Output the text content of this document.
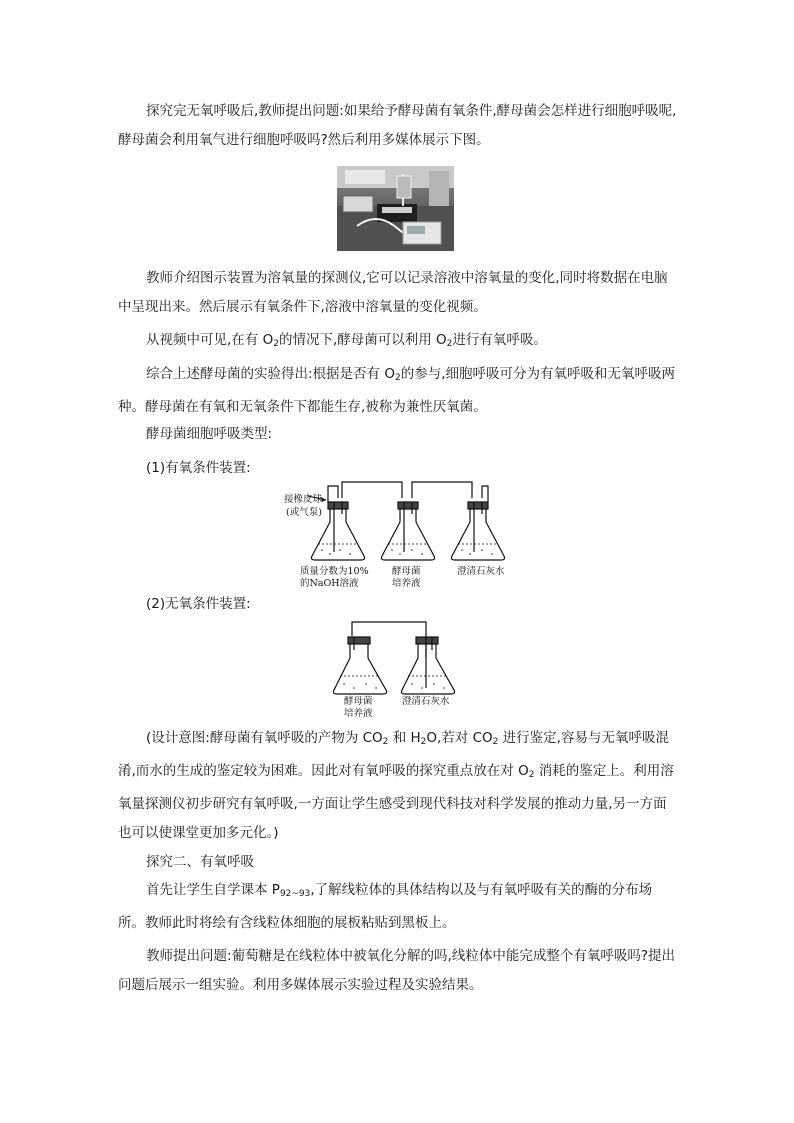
探究完无氧呼吸后,教师提出问题:如果给予酵母菌有氧条件,酵母菌会怎样进行细胞呼吸呢,酵母菌会利用氧气进行细胞呼吸吗?然后利用多媒体展示下图。
教师介绍图示装置为溶氧量的探测仪,它可以记录溶液中溶氧量的变化,同时将数据在电脑中呈现出来。然后展示有氧条件下,溶液中溶氧量的变化视频。
从视频中可见,在有 $O_2$的情况下,酵母菌可以利用 $O_2$进行有氧呼吸。
综合上述酵母菌的实验得出:根据是否有 $O_2$的参与,细胞呼吸可分为有氧呼吸和无氧呼吸两种。酵母菌在有氧和无氧条件下都能生存,被称为兼性厌氧菌。
酵母菌细胞呼吸类型:
(1)有氧条件装置:
接橡皮球
(或气泵)
质量分数为10%
的NaOH溶液
酵母菌
培养液
澄清石灰水
(2)无氧条件装置:
酵母菌
培养液
澄清石灰水
(设计意图:酵母菌有氧呼吸的产物为 $CO_2$ 和 $H_2O$,若对 $CO_2$ 进行鉴定,容易与无氧呼吸混淆,而水的生成的鉴定较为困难。因此对有氧呼吸的探究重点放在对 $O_2$ 消耗的鉴定上。利用溶氧量探测仪初步研究有氧呼吸,一方面让学生感受到现代科技对科学发展的推动力量,另一方面也可以使课堂更加多元化。)
探究二、有氧呼吸
首先让学生自学课本 $P_{92\sim 93}$,了解线粒体的具体结构以及与有氧呼吸有关的酶的分布场所。教师此时将绘有含线粒体细胞的展板粘贴到黑板上。
教师提出问题:葡萄糖是在线粒体中被氧化分解的吗,线粒体中能完成整个有氧呼吸吗?提出问题后展示一组实验。利用多媒体展示实验过程及实验结果。
